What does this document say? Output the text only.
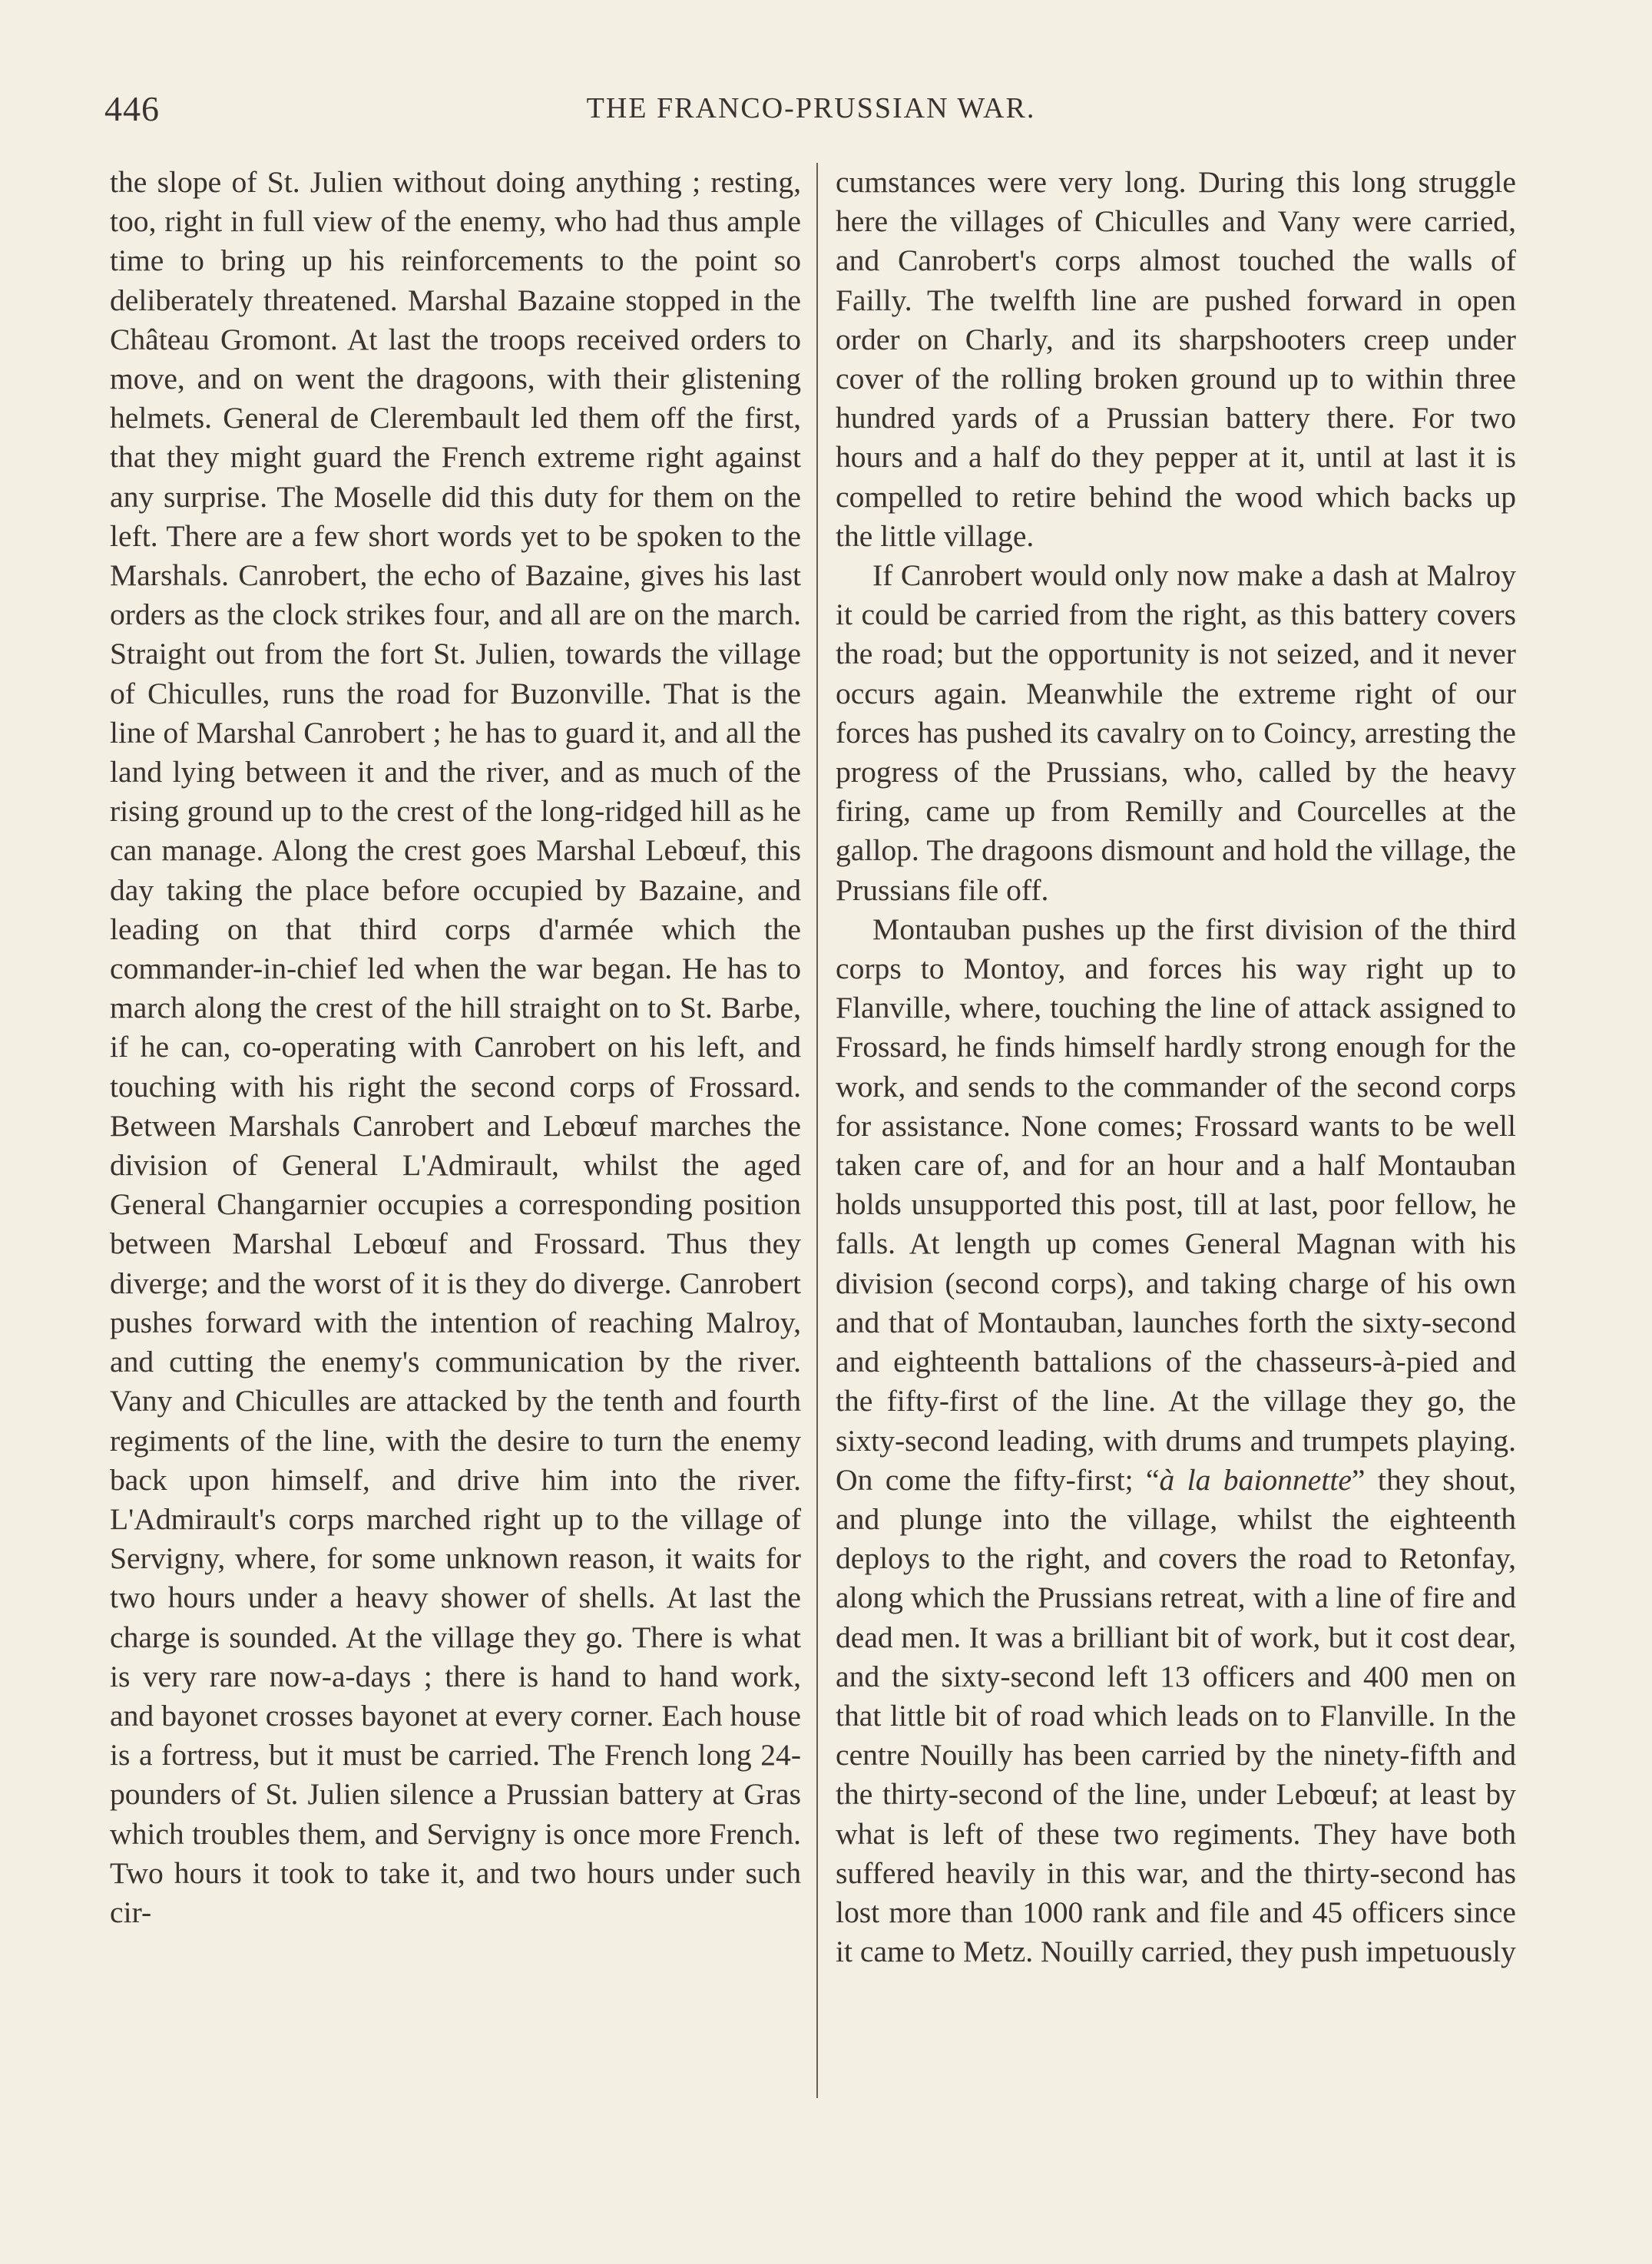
446	THE FRANCO-PRUSSIAN WAR.

the slope of St. Julien without doing anything ; resting, too, right in full view of the enemy, who had thus ample time to bring up his reinforcements to the point so deliberately threatened. Marshal Bazaine stopped in the Château Gromont. At last the troops received orders to move, and on went the dragoons, with their glistening helmets. General de Clerembault led them off the first, that they might guard the French extreme right against any surprise. The Moselle did this duty for them on the left. There are a few short words yet to be spoken to the Marshals. Canrobert, the echo of Bazaine, gives his last orders as the clock strikes four, and all are on the march. Straight out from the fort St. Julien, towards the village of Chiculles, runs the road for Buzonville. That is the line of Marshal Canrobert ; he has to guard it, and all the land lying between it and the river, and as much of the rising ground up to the crest of the long-ridged hill as he can manage. Along the crest goes Marshal Lebœuf, this day taking the place before occupied by Bazaine, and leading on that third corps d'armée which the commander-in-chief led when the war began. He has to march along the crest of the hill straight on to St. Barbe, if he can, co-operating with Canrobert on his left, and touching with his right the second corps of Frossard. Between Marshals Canrobert and Lebœuf marches the division of General L'Admirault, whilst the aged General Changarnier occupies a corresponding position between Marshal Lebœuf and Frossard. Thus they diverge; and the worst of it is they do diverge. Canrobert pushes forward with the intention of reaching Malroy, and cutting the enemy's communication by the river. Vany and Chiculles are attacked by the tenth and fourth regiments of the line, with the desire to turn the enemy back upon himself, and drive him into the river. L'Admirault's corps marched right up to the village of Servigny, where, for some unknown reason, it waits for two hours under a heavy shower of shells. At last the charge is sounded. At the village they go. There is what is very rare now-a-days ; there is hand to hand work, and bayonet crosses bayonet at every corner. Each house is a fortress, but it must be carried. The French long 24-pounders of St. Julien silence a Prussian battery at Gras which troubles them, and Servigny is once more French. Two hours it took to take it, and two hours under such cir-

cumstances were very long. During this long struggle here the villages of Chiculles and Vany were carried, and Canrobert's corps almost touched the walls of Failly. The twelfth line are pushed forward in open order on Charly, and its sharpshooters creep under cover of the rolling broken ground up to within three hundred yards of a Prussian battery there. For two hours and a half do they pepper at it, until at last it is compelled to retire behind the wood which backs up the little village.

If Canrobert would only now make a dash at Malroy it could be carried from the right, as this battery covers the road; but the opportunity is not seized, and it never occurs again. Meanwhile the extreme right of our forces has pushed its cavalry on to Coincy, arresting the progress of the Prussians, who, called by the heavy firing, came up from Remilly and Courcelles at the gallop. The dragoons dismount and hold the village, the Prussians file off.

Montauban pushes up the first division of the third corps to Montoy, and forces his way right up to Flanville, where, touching the line of attack assigned to Frossard, he finds himself hardly strong enough for the work, and sends to the commander of the second corps for assistance. None comes; Frossard wants to be well taken care of, and for an hour and a half Montauban holds unsupported this post, till at last, poor fellow, he falls. At length up comes General Magnan with his division (second corps), and taking charge of his own and that of Montauban, launches forth the sixty-second and eighteenth battalions of the chasseurs-à-pied and the fifty-first of the line. At the village they go, the sixty-second leading, with drums and trumpets playing. On come the fifty-first; “à la baionnette” they shout, and plunge into the village, whilst the eighteenth deploys to the right, and covers the road to Retonfay, along which the Prussians retreat, with a line of fire and dead men. It was a brilliant bit of work, but it cost dear, and the sixty-second left 13 officers and 400 men on that little bit of road which leads on to Flanville. In the centre Nouilly has been carried by the ninety-fifth and the thirty-second of the line, under Lebœuf; at least by what is left of these two regiments. They have both suffered heavily in this war, and the thirty-second has lost more than 1000 rank and file and 45 officers since it came to Metz. Nouilly carried, they push impetuously
